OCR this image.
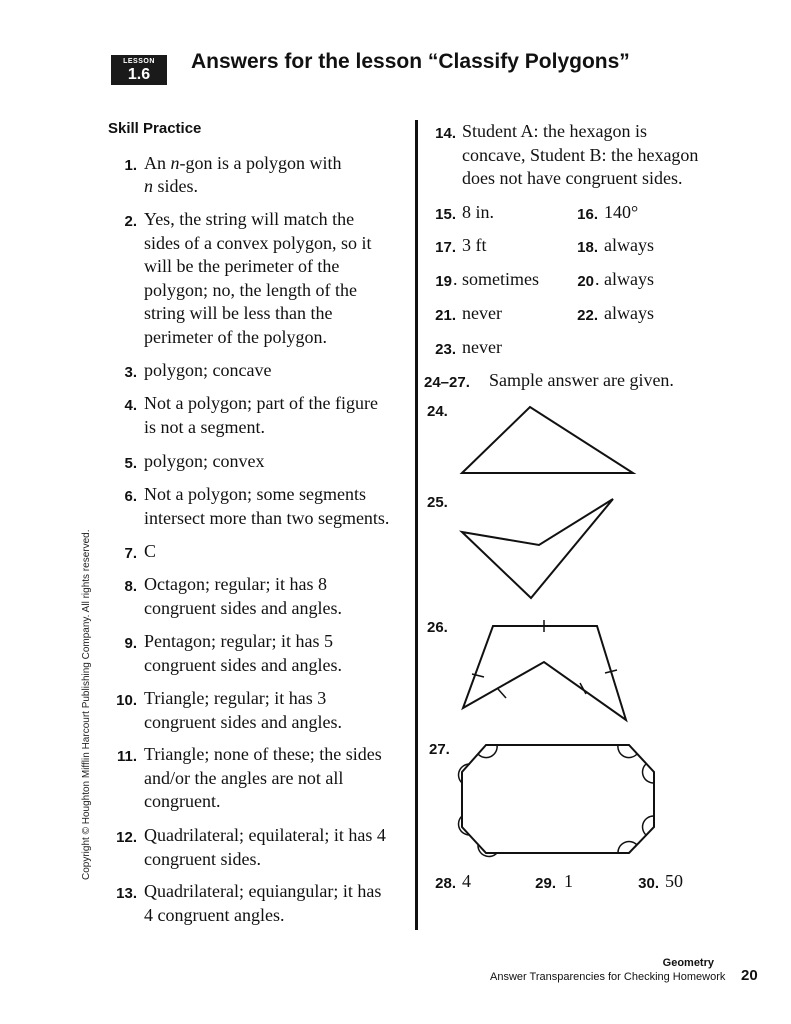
LESSON
1.6
Answers for the lesson “Classify Polygons”
Skill Practice
1. An n-gon is a polygon with
n sides.
2. Yes, the string will match the
sides of a convex polygon, so it
will be the perimeter of the
polygon; no, the length of the
string will be less than the
perimeter of the polygon.
3. polygon; concave
4. Not a polygon; part of the figure
is not a segment.
5. polygon; convex
6. Not a polygon; some segments
intersect more than two segments.
7. C
8. Octagon; regular; it has 8
congruent sides and angles.
9. Pentagon; regular; it has 5
congruent sides and angles.
10. Triangle; regular; it has 3
congruent sides and angles.
11. Triangle; none of these; the sides
and/or the angles are not all
congruent.
12. Quadrilateral; equilateral; it has 4
congruent sides.
13. Quadrilateral; equiangular; it has
4 congruent angles.
14. Student A: the hexagon is
concave, Student B: the hexagon
does not have congruent sides.
15. 8 in.	16. 140°
17. 3 ft	18. always
19 . sometimes	20 . always
21. never	22. always
23. never
24–27.	Sample answer are given.
24.
25.
26.
27.
28. 4	29. 1	30. 50
Copyright © Houghton Mifflin Harcourt Publishing Company. All rights reserved.
Geometry
Answer Transparencies for Checking Homework 20
